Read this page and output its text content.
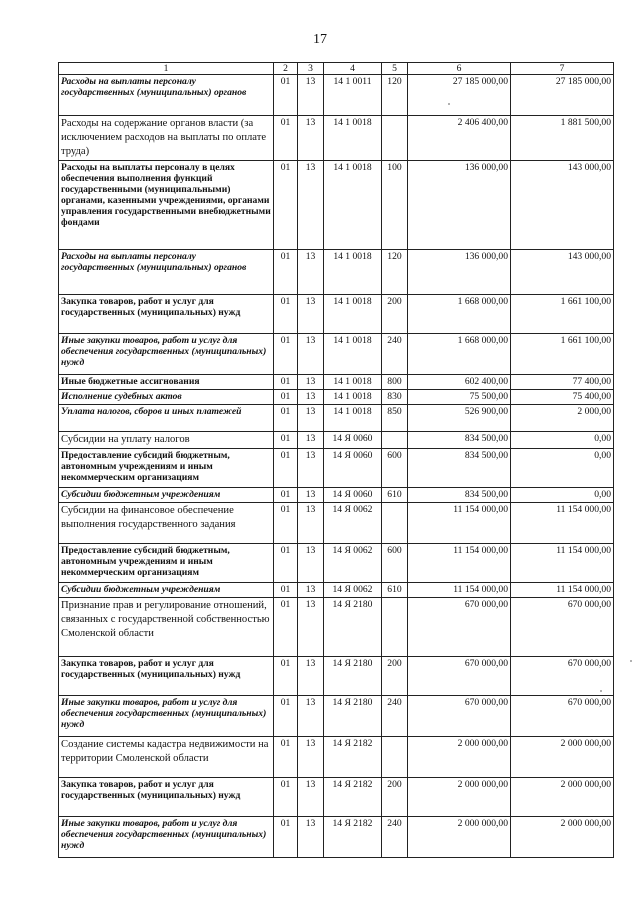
17
1	2	3	4	5	6	7
Расходы на выплаты персоналу государственных (муниципальных) органов	01	13	14 1 0011	120	27 185 000,00	27 185 000,00
Расходы на содержание органов власти (за исключением расходов на выплаты по оплате труда)	01	13	14 1 0018		2 406 400,00	1 881 500,00
Расходы на выплаты персоналу в целях обеспечения выполнения функций государственными (муниципальными) органами, казенными учреждениями, органами управления государственными внебюджетными фондами	01	13	14 1 0018	100	136 000,00	143 000,00
Расходы на выплаты персоналу государственных (муниципальных) органов	01	13	14 1 0018	120	136 000,00	143 000,00
Закупка товаров, работ и услуг для государственных (муниципальных) нужд	01	13	14 1 0018	200	1 668 000,00	1 661 100,00
Иные закупки товаров, работ и услуг для обеспечения государственных (муниципальных) нужд	01	13	14 1 0018	240	1 668 000,00	1 661 100,00
Иные бюджетные ассигнования	01	13	14 1 0018	800	602 400,00	77 400,00
Исполнение судебных актов	01	13	14 1 0018	830	75 500,00	75 400,00
Уплата налогов, сборов и иных платежей	01	13	14 1 0018	850	526 900,00	2 000,00
Субсидии на уплату налогов	01	13	14 Я 0060		834 500,00	0,00
Предоставление субсидий бюджетным, автономным учреждениям и иным некоммерческим организациям	01	13	14 Я 0060	600	834 500,00	0,00
Субсидии бюджетным учреждениям	01	13	14 Я 0060	610	834 500,00	0,00
Субсидии на финансовое обеспечение выполнения государственного задания	01	13	14 Я 0062		11 154 000,00	11 154 000,00
Предоставление субсидий бюджетным, автономным учреждениям и иным некоммерческим организациям	01	13	14 Я 0062	600	11 154 000,00	11 154 000,00
Субсидии бюджетным учреждениям	01	13	14 Я 0062	610	11 154 000,00	11 154 000,00
Признание прав и регулирование отношений, связанных с государственной собственностью Смоленской области	01	13	14 Я 2180		670 000,00	670 000,00
Закупка товаров, работ и услуг для государственных (муниципальных) нужд	01	13	14 Я 2180	200	670 000,00	670 000,00
Иные закупки товаров, работ и услуг для обеспечения государственных (муниципальных) нужд	01	13	14 Я 2180	240	670 000,00	670 000,00
Создание системы кадастра недвижимости на территории Смоленской области	01	13	14 Я 2182		2 000 000,00	2 000 000,00
Закупка товаров, работ и услуг для государственных (муниципальных) нужд	01	13	14 Я 2182	200	2 000 000,00	2 000 000,00
Иные закупки товаров, работ и услуг для обеспечения государственных (муниципальных) нужд	01	13	14 Я 2182	240	2 000 000,00	2 000 000,00
